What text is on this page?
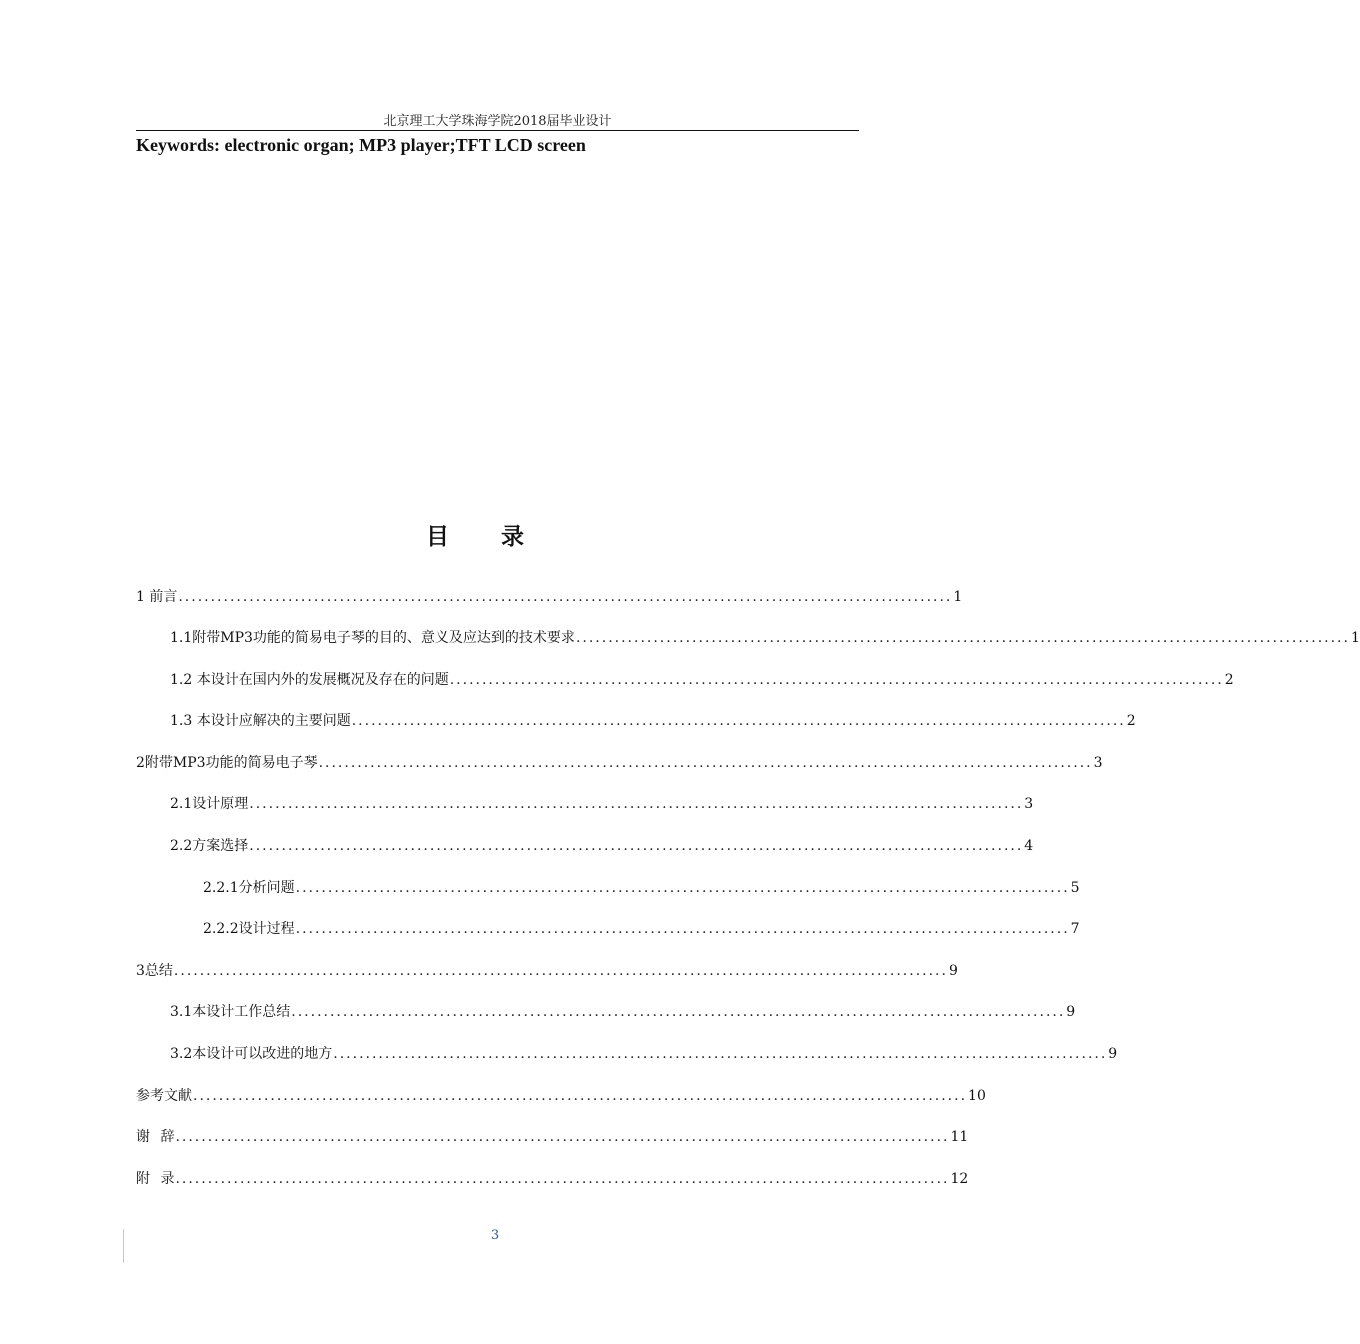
北京理工大学珠海学院2018届毕业设计
Keywords: electronic organ; MP3 player;TFT LCD screen
目 录
1 前言 ........................................................................................................................ 1
1.1附带MP3功能的简易电子琴的目的、意义及应达到的技术要求 ........................................................................................................................ 1
1.2 本设计在国内外的发展概况及存在的问题 ........................................................................................................................ 2
1.3 本设计应解决的主要问题 ........................................................................................................................ 2
2附带MP3功能的简易电子琴 ........................................................................................................................ 3
2.1设计原理 ........................................................................................................................ 3
2.2方案选择 ........................................................................................................................ 4
2.2.1分析问题 ........................................................................................................................ 5
2.2.2设计过程 ........................................................................................................................ 7
3总结 ........................................................................................................................ 9
3.1本设计工作总结 ........................................................................................................................ 9
3.2本设计可以改进的地方 ........................................................................................................................ 9
参考文献 ........................................................................................................................ 10
谢 辞 ........................................................................................................................ 11
附 录 ........................................................................................................................ 12
3
